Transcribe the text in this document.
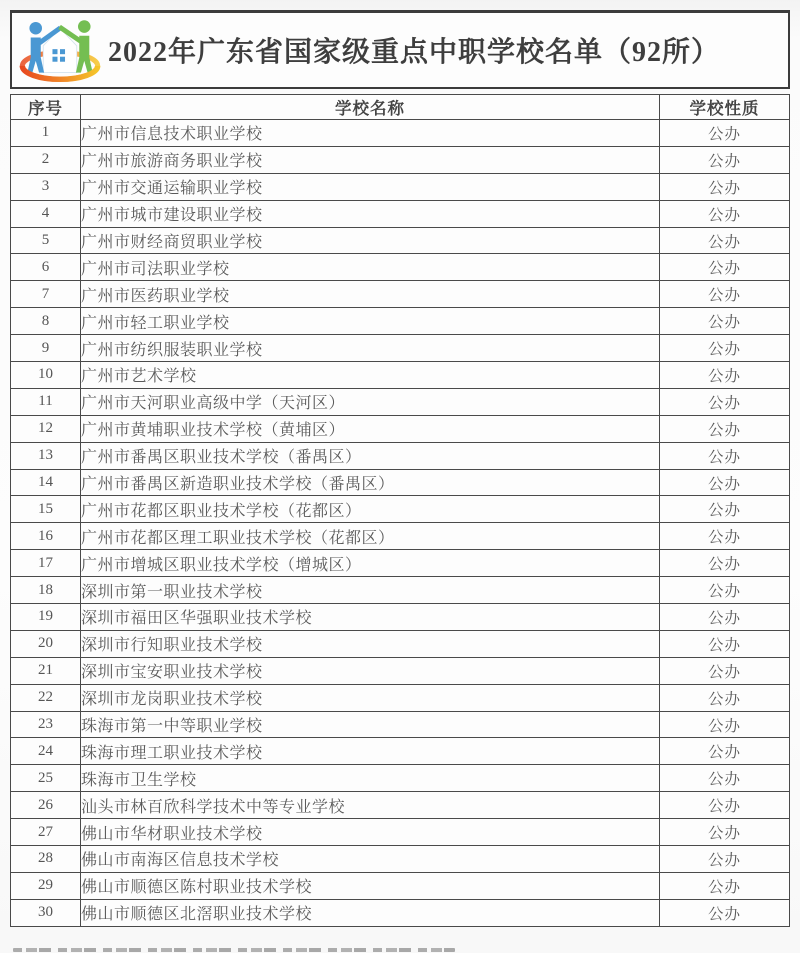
2022年广东省国家级重点中职学校名单（92所）
序号	学校名称	学校性质
1	广州市信息技术职业学校	公办
2	广州市旅游商务职业学校	公办
3	广州市交通运输职业学校	公办
4	广州市城市建设职业学校	公办
5	广州市财经商贸职业学校	公办
6	广州市司法职业学校	公办
7	广州市医药职业学校	公办
8	广州市轻工职业学校	公办
9	广州市纺织服装职业学校	公办
10	广州市艺术学校	公办
11	广州市天河职业高级中学（天河区）	公办
12	广州市黄埔职业技术学校（黄埔区）	公办
13	广州市番禺区职业技术学校（番禺区）	公办
14	广州市番禺区新造职业技术学校（番禺区）	公办
15	广州市花都区职业技术学校（花都区）	公办
16	广州市花都区理工职业技术学校（花都区）	公办
17	广州市增城区职业技术学校（增城区）	公办
18	深圳市第一职业技术学校	公办
19	深圳市福田区华强职业技术学校	公办
20	深圳市行知职业技术学校	公办
21	深圳市宝安职业技术学校	公办
22	深圳市龙岗职业技术学校	公办
23	珠海市第一中等职业学校	公办
24	珠海市理工职业技术学校	公办
25	珠海市卫生学校	公办
26	汕头市林百欣科学技术中等专业学校	公办
27	佛山市华材职业技术学校	公办
28	佛山市南海区信息技术学校	公办
29	佛山市顺德区陈村职业技术学校	公办
30	佛山市顺德区北滘职业技术学校	公办
